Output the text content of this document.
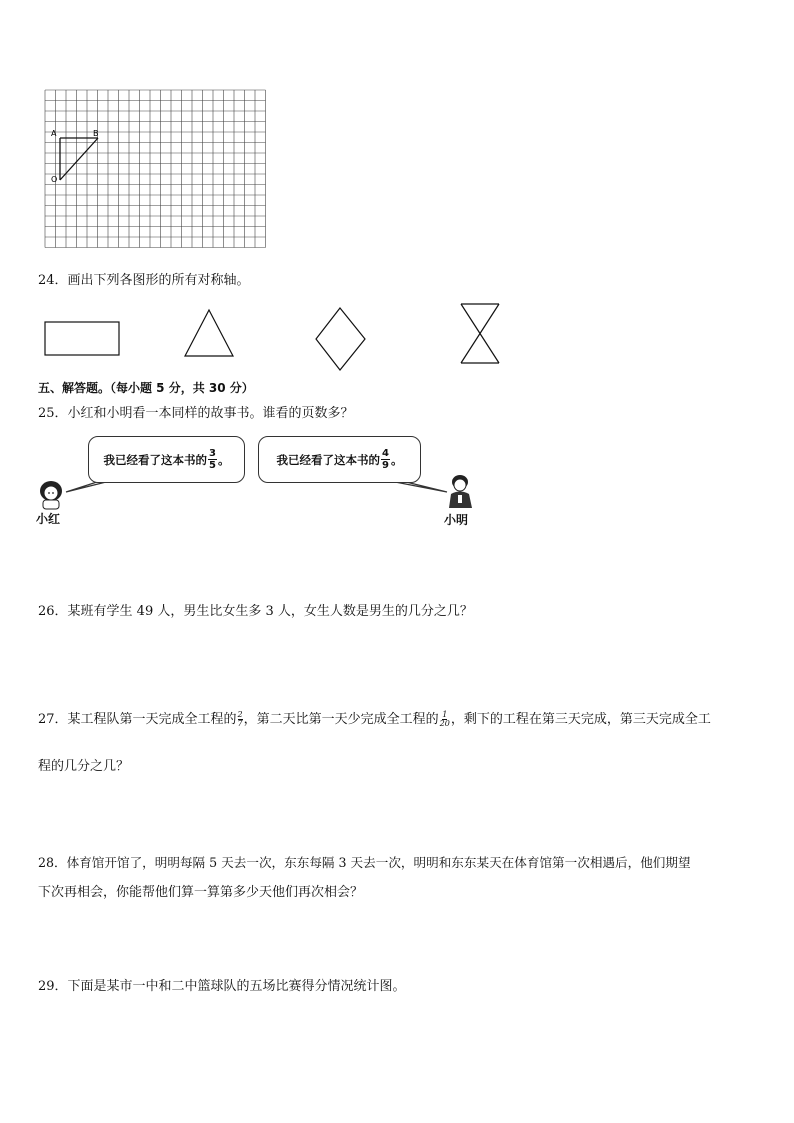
A	B
O
24．画出下列各图形的所有对称轴。
五、解答题。（每小题 5 分，共 30 分）
25．小红和小明看一本同样的故事书。谁看的页数多？
我已经看了这本书的 $\frac{3}{5}$ 。	我已经看了这本书的 $\frac{4}{9}$ 。
小红	小明
26．某班有学生 49 人，男生比女生多 3 人，女生人数是男生的几分之几？
27．某工程队第一天完成全工程的 $\frac{2}{7}$ ，第二天比第一天少完成全工程的 $\frac{1}{20}$ ，剩下的工程在第三天完成，第三天完成全工
程的几分之几？
28．体育馆开馆了，明明每隔 5 天去一次，东东每隔 3 天去一次，明明和东东某天在体育馆第一次相遇后，他们期望
下次再相会，你能帮他们算一算第多少天他们再次相会？
29．下面是某市一中和二中篮球队的五场比赛得分情况统计图。
